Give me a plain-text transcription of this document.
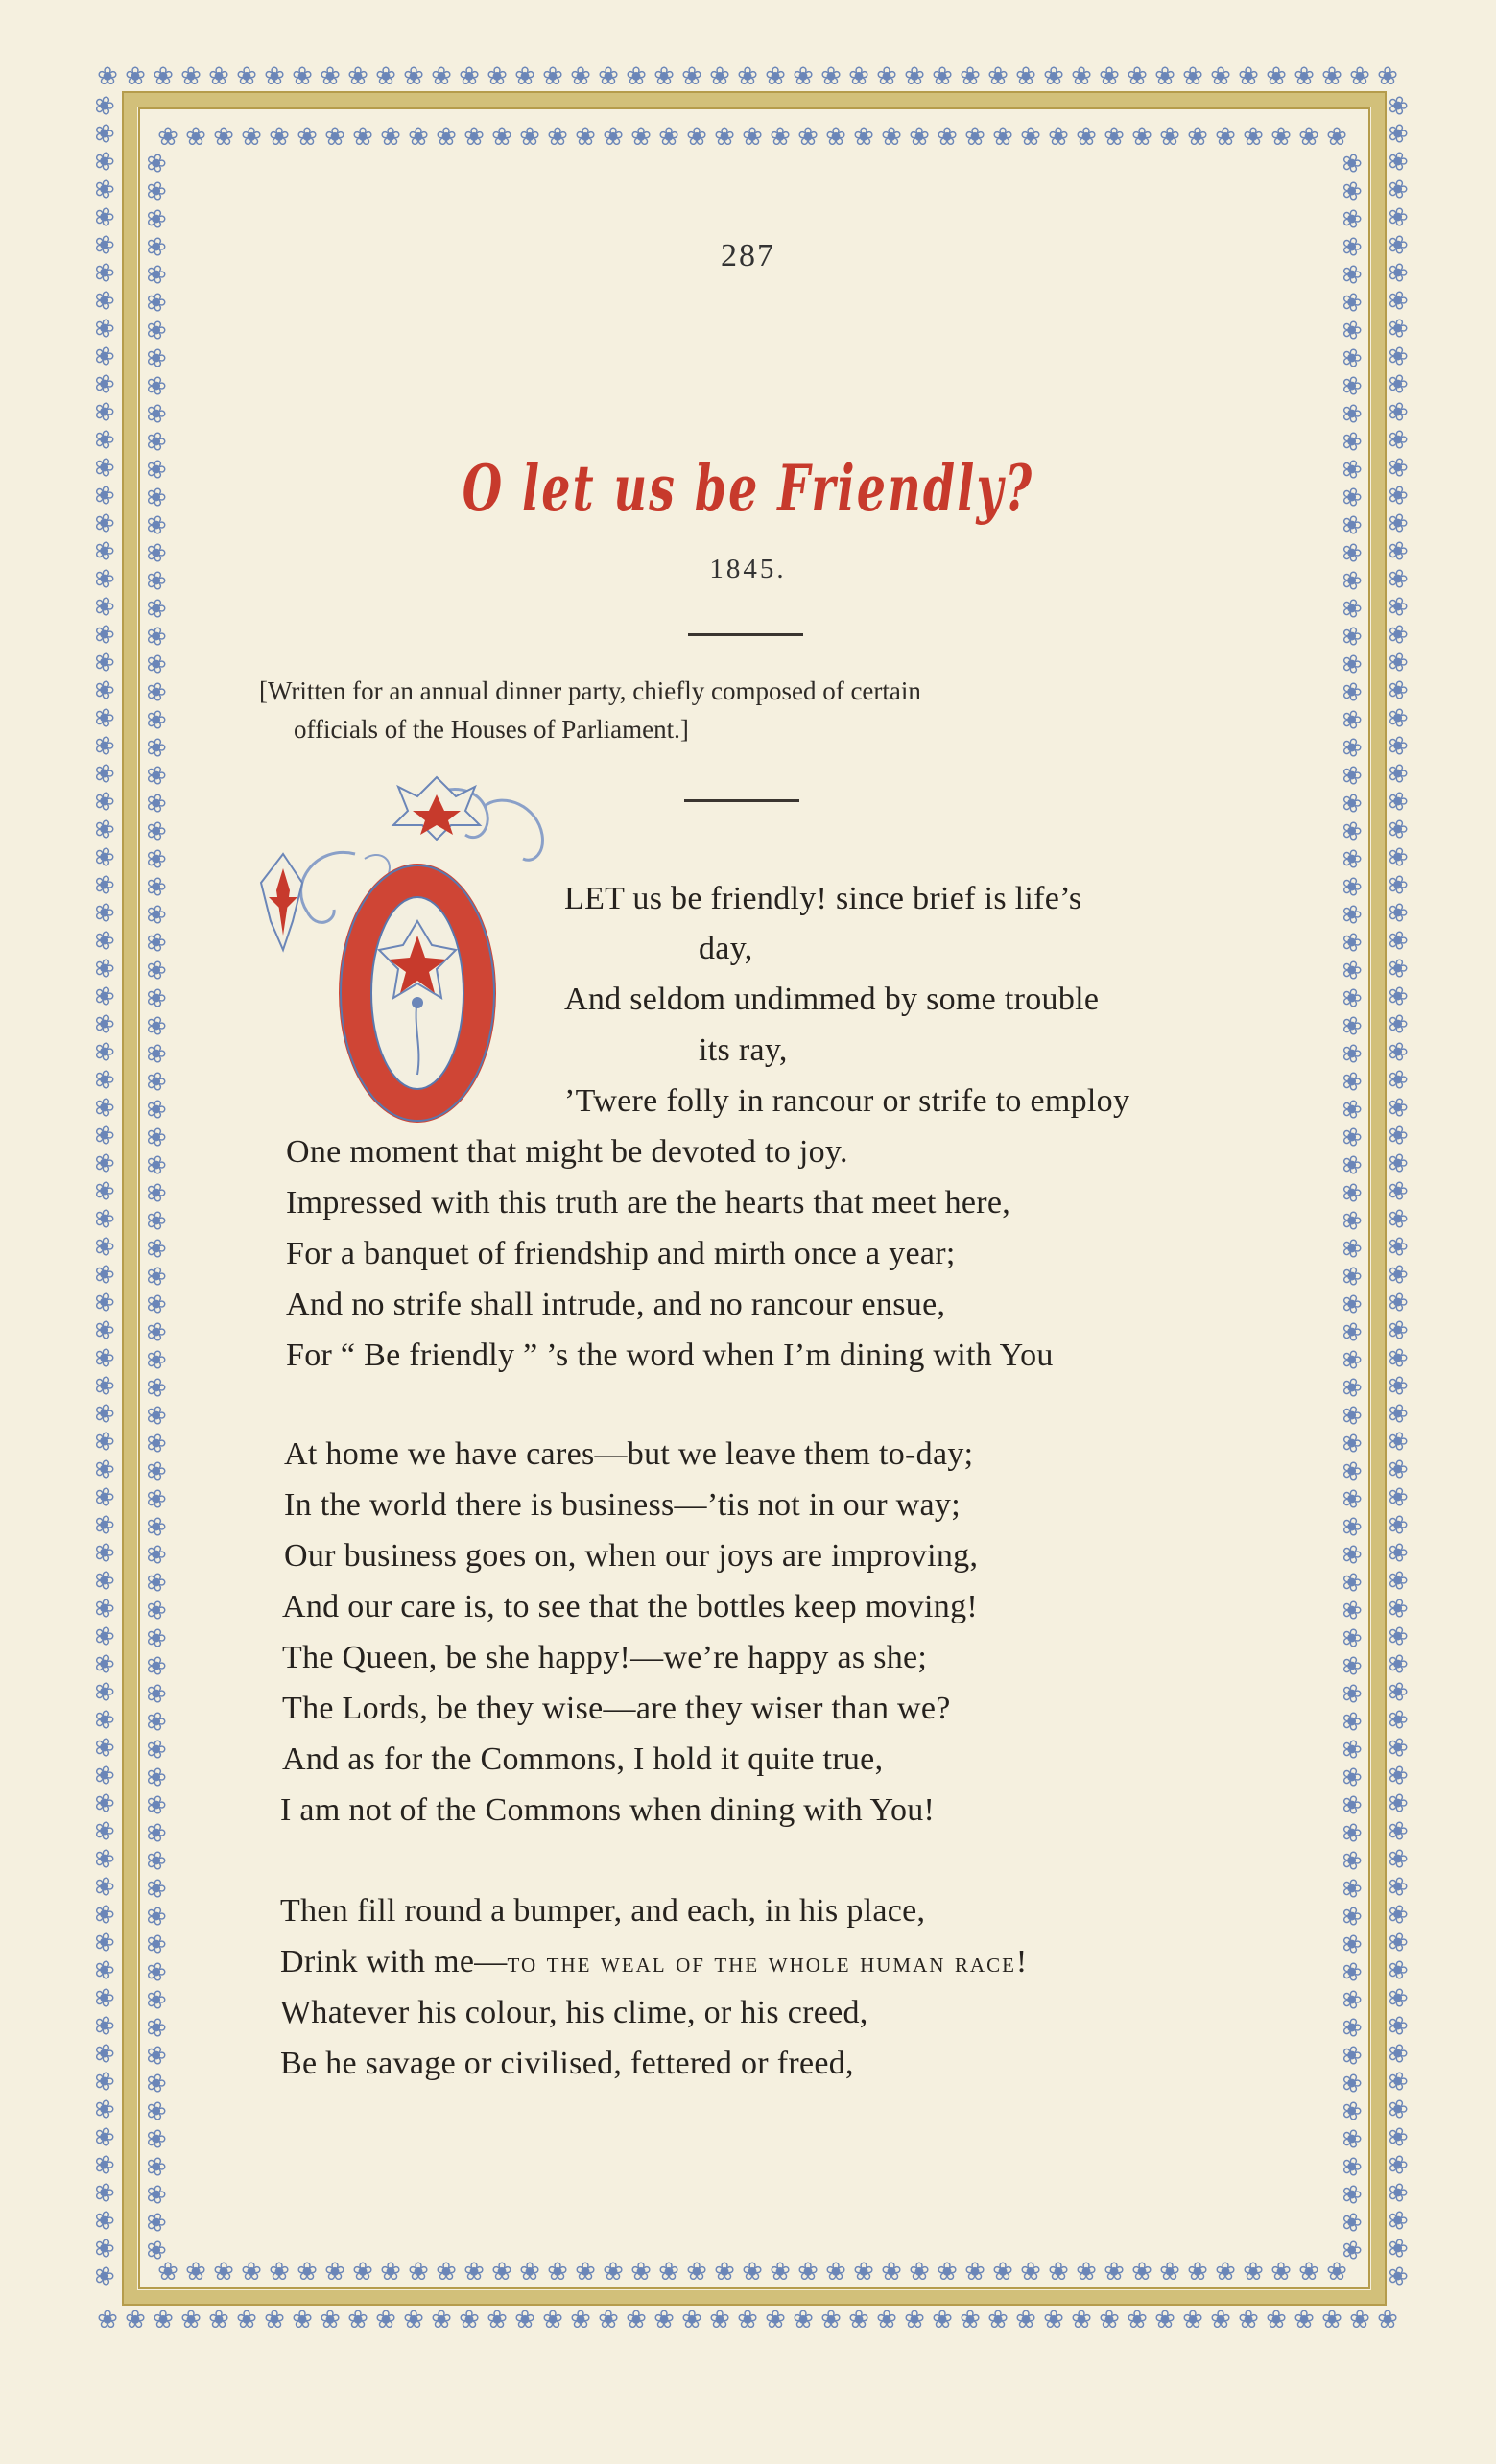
❀
❀
❀
❀
❀
❀
❀
❀
❀
❀
❀
❀
❀
❀
❀
❀
❀
❀
❀
❀
❀
❀
❀
❀
❀
❀
❀
❀
❀
❀
❀
❀
❀
❀
❀
❀
❀
❀
❀
❀
❀
❀
❀
❀
❀
❀
❀
❀
❀
❀
❀
❀
❀
❀
❀
❀
❀
❀
❀
❀
❀
❀
❀
❀
❀
❀
❀
❀
❀
❀
❀
❀
❀
❀
❀
❀
❀
❀
❀
❀
❀
❀
❀
❀
❀
❀
❀
❀
❀
❀
❀
❀
❀
❀
❀
❀
❀
❀
❀
❀
❀
❀
❀
❀
❀
❀
❀
❀
❀
❀
❀
❀
❀
❀
❀
❀
❀
❀
❀
❀
❀
❀
❀
❀
❀
❀
❀
❀
❀
❀
❀
❀
❀
❀
❀
❀
❀
❀
❀
❀
❀
❀
❀
❀
❀
❀
❀
❀
❀
❀
❀
❀
❀
❀
❀
❀
❀
❀
❀
❀
❀
❀
❀
❀
❀
❀
❀
❀
❀
❀
❀
❀
❀
❀
❀
❀
❀
❀
❀
❀
❀	❀
❀	❀
❀	❀
❀	❀
❀	❀
❀	❀
❀	❀
❀	❀
❀	❀
❀	❀
❀	❀
❀	❀
❀	❀
❀	❀
❀	❀
❀	❀
❀	❀
❀	❀
❀	❀
❀	❀
❀	❀
❀	❀
❀	❀
❀	❀
❀	❀
❀	❀
❀	❀
❀	❀
❀	❀
❀	❀
❀	❀
❀	❀
❀	❀
❀	❀
❀	❀
❀	❀
❀	❀
❀	❀
❀	❀
❀	❀
❀	❀
❀	❀
❀	❀
❀	❀
❀	❀
❀	❀
❀	❀
❀	❀
❀	❀
❀	❀
❀	❀
❀	❀
❀	❀
❀	❀
❀	❀
❀	❀
❀	❀
❀	❀
❀	❀
❀	❀
❀	❀
❀	❀
❀	❀
❀	❀
❀	❀
❀	❀
❀	❀
❀	❀
❀	❀
❀	❀
❀	❀
❀	❀
❀	❀
❀	❀
❀	❀
❀	❀
❀	❀
❀	❀
❀	❀
❀	❀
❀	❀
❀	❀
❀	❀
❀	❀
❀	❀
❀	❀
❀	❀
❀	❀
❀	❀
❀	❀
❀	❀
❀	❀
❀	❀
❀	❀
❀	❀
❀	❀
❀	❀
❀	❀
❀	❀
❀	❀
❀	❀
❀	❀
❀	❀
❀	❀
❀	❀
❀	❀
❀	❀
❀	❀
❀	❀
❀	❀
❀	❀
❀	❀
❀	❀
❀	❀
❀	❀
❀	❀
❀	❀
❀	❀
❀	❀
❀	❀
❀	❀
❀	❀
❀	❀
❀	❀
❀	❀
❀	❀
❀	❀
❀	❀
❀	❀
❀	❀
❀	❀
❀	❀
❀	❀
❀	❀
❀	❀
❀	❀
❀	❀
❀	❀
❀	❀
❀	❀
❀	❀
❀	❀
❀	❀
❀	❀
❀	❀
❀	❀
❀	❀
❀	❀
❀	❀
❀	❀
❀	❀
❀	❀
❀	❀
❀	❀
❀	❀
287
O let us be Friendly?
1845.
[Written for an annual dinner party, chiefly composed of certain
officials of the Houses of Parliament.]
LET us be friendly! since brief is life’s
day,
And seldom undimmed by some trouble
its ray,
’Twere folly in rancour or strife to employ
One moment that might be devoted to joy.
Impressed with this truth are the hearts that meet here,
For a banquet of friendship and mirth once a year;
And no strife shall intrude, and no rancour ensue,
For “ Be friendly ” ’s the word when I’m dining with You
At home we have cares—but we leave them to-day;
In the world there is business—’tis not in our way;
Our business goes on, when our joys are improving,
And our care is, to see that the bottles keep moving!
The Queen, be she happy!—we’re happy as she;
The Lords, be they wise—are they wiser than we?
And as for the Commons, I hold it quite true,
I am not of the Commons when dining with You!
Then fill round a bumper, and each, in his place,
Drink with me—to the weal of the whole human race!
Whatever his colour, his clime, or his creed,
Be he savage or civilised, fettered or freed,
